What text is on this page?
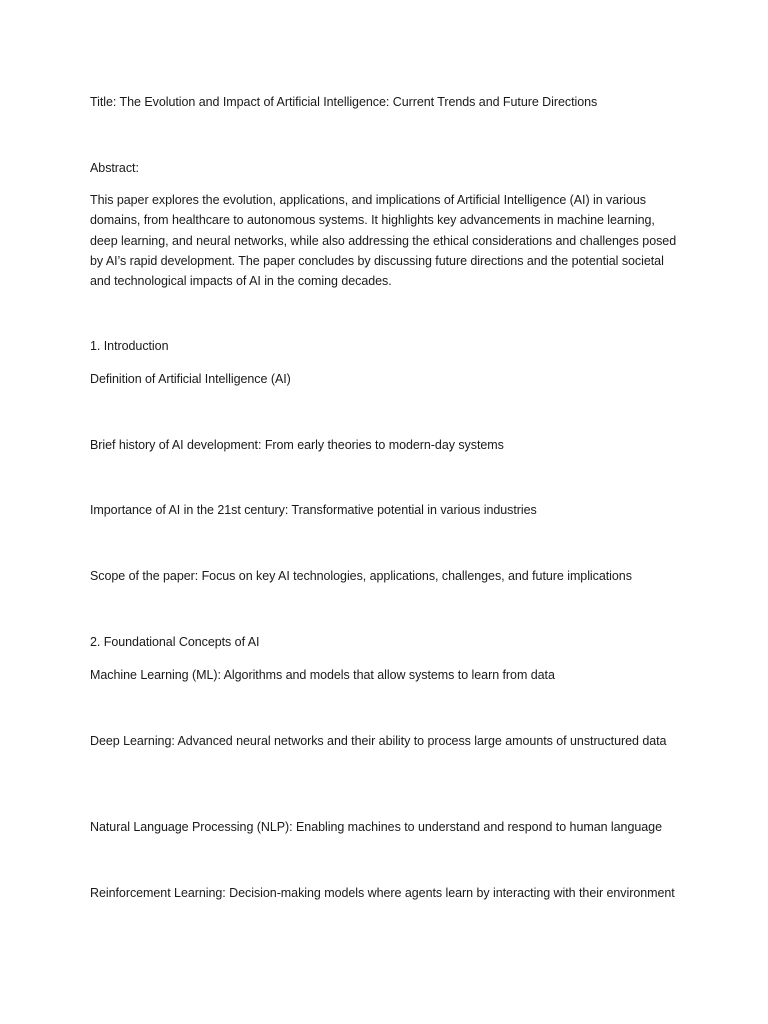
Title: The Evolution and Impact of Artificial Intelligence: Current Trends and Future Directions

Abstract:

This paper explores the evolution, applications, and implications of Artificial Intelligence (AI) in various domains, from healthcare to autonomous systems. It highlights key advancements in machine learning, deep learning, and neural networks, while also addressing the ethical considerations and challenges posed by AI’s rapid development. The paper concludes by discussing future directions and the potential societal and technological impacts of AI in the coming decades.

1. Introduction

Definition of Artificial Intelligence (AI)

Brief history of AI development: From early theories to modern-day systems

Importance of AI in the 21st century: Transformative potential in various industries

Scope of the paper: Focus on key AI technologies, applications, challenges, and future implications

2. Foundational Concepts of AI

Machine Learning (ML): Algorithms and models that allow systems to learn from data

Deep Learning: Advanced neural networks and their ability to process large amounts of unstructured data

Natural Language Processing (NLP): Enabling machines to understand and respond to human language

Reinforcement Learning: Decision-making models where agents learn by interacting with their environment
